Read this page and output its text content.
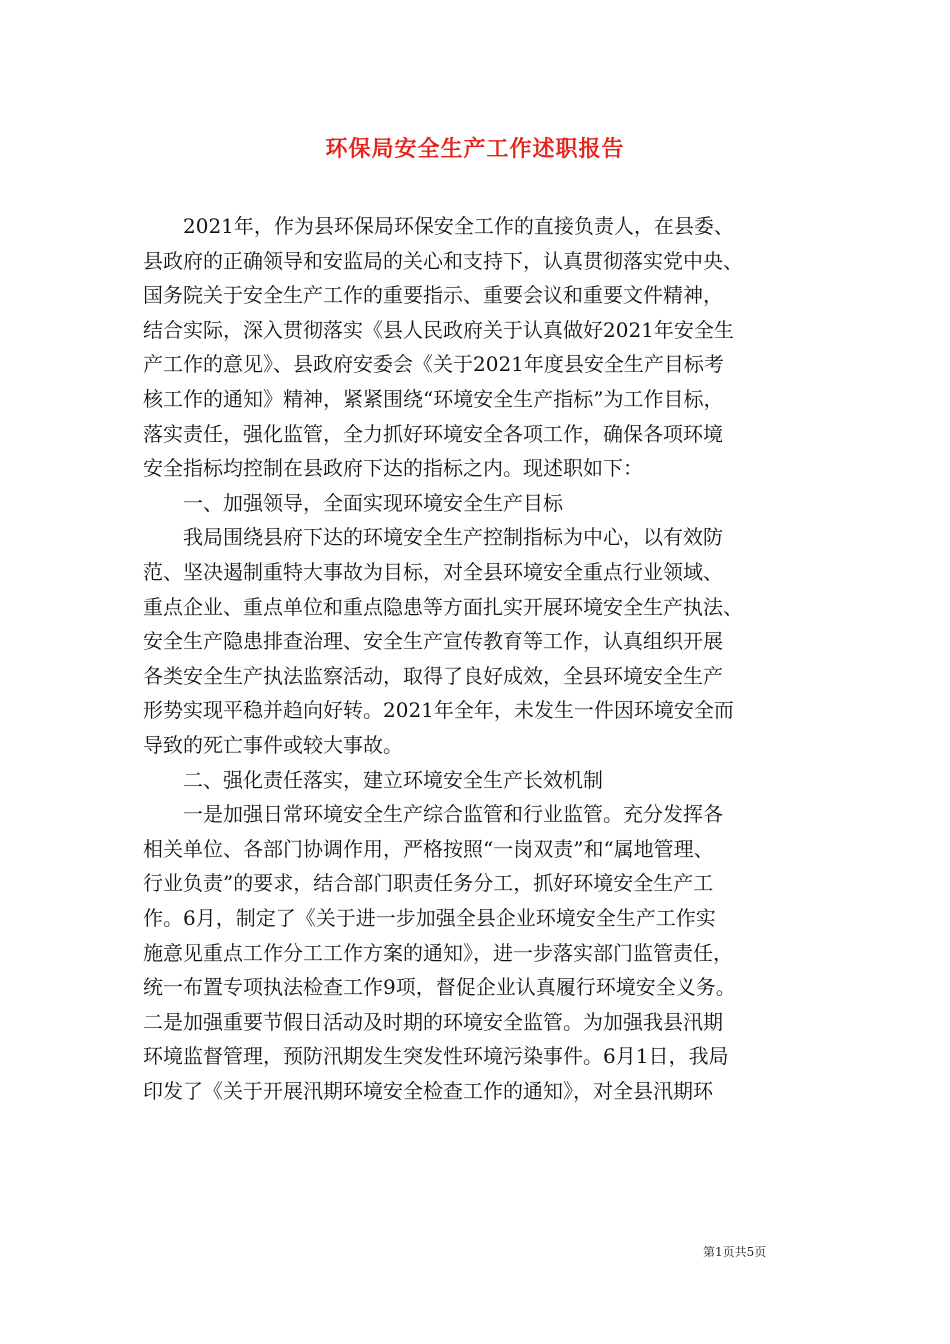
环保局安全生产工作述职报告
　　2021年，作为县环保局环保安全工作的直接负责人，在县委、
县政府的正确领导和安监局的关心和支持下，认真贯彻落实党中央、
国务院关于安全生产工作的重要指示、重要会议和重要文件精神，
结合实际，深入贯彻落实《县人民政府关于认真做好2021年安全生
产工作的意见》、县政府安委会《关于2021年度县安全生产目标考
核工作的通知》精神，紧紧围绕“环境安全生产指标”为工作目标，
落实责任，强化监管，全力抓好环境安全各项工作，确保各项环境
安全指标均控制在县政府下达的指标之内。现述职如下：
　　一、加强领导，全面实现环境安全生产目标
　　我局围绕县府下达的环境安全生产控制指标为中心，以有效防
范、坚决遏制重特大事故为目标，对全县环境安全重点行业领域、
重点企业、重点单位和重点隐患等方面扎实开展环境安全生产执法、
安全生产隐患排查治理、安全生产宣传教育等工作，认真组织开展
各类安全生产执法监察活动，取得了良好成效，全县环境安全生产
形势实现平稳并趋向好转。2021年全年，未发生一件因环境安全而
导致的死亡事件或较大事故。
　　二、强化责任落实，建立环境安全生产长效机制
　　一是加强日常环境安全生产综合监管和行业监管。充分发挥各
相关单位、各部门协调作用，严格按照“一岗双责”和“属地管理、
行业负责”的要求，结合部门职责任务分工，抓好环境安全生产工
作。6月，制定了《关于进一步加强全县企业环境安全生产工作实
施意见重点工作分工工作方案的通知》，进一步落实部门监管责任，
统一布置专项执法检查工作9项，督促企业认真履行环境安全义务。
二是加强重要节假日活动及时期的环境安全监管。为加强我县汛期
环境监督管理，预防汛期发生突发性环境污染事件。6月1日，我局
印发了《关于开展汛期环境安全检查工作的通知》，对全县汛期环
第1页共5页
